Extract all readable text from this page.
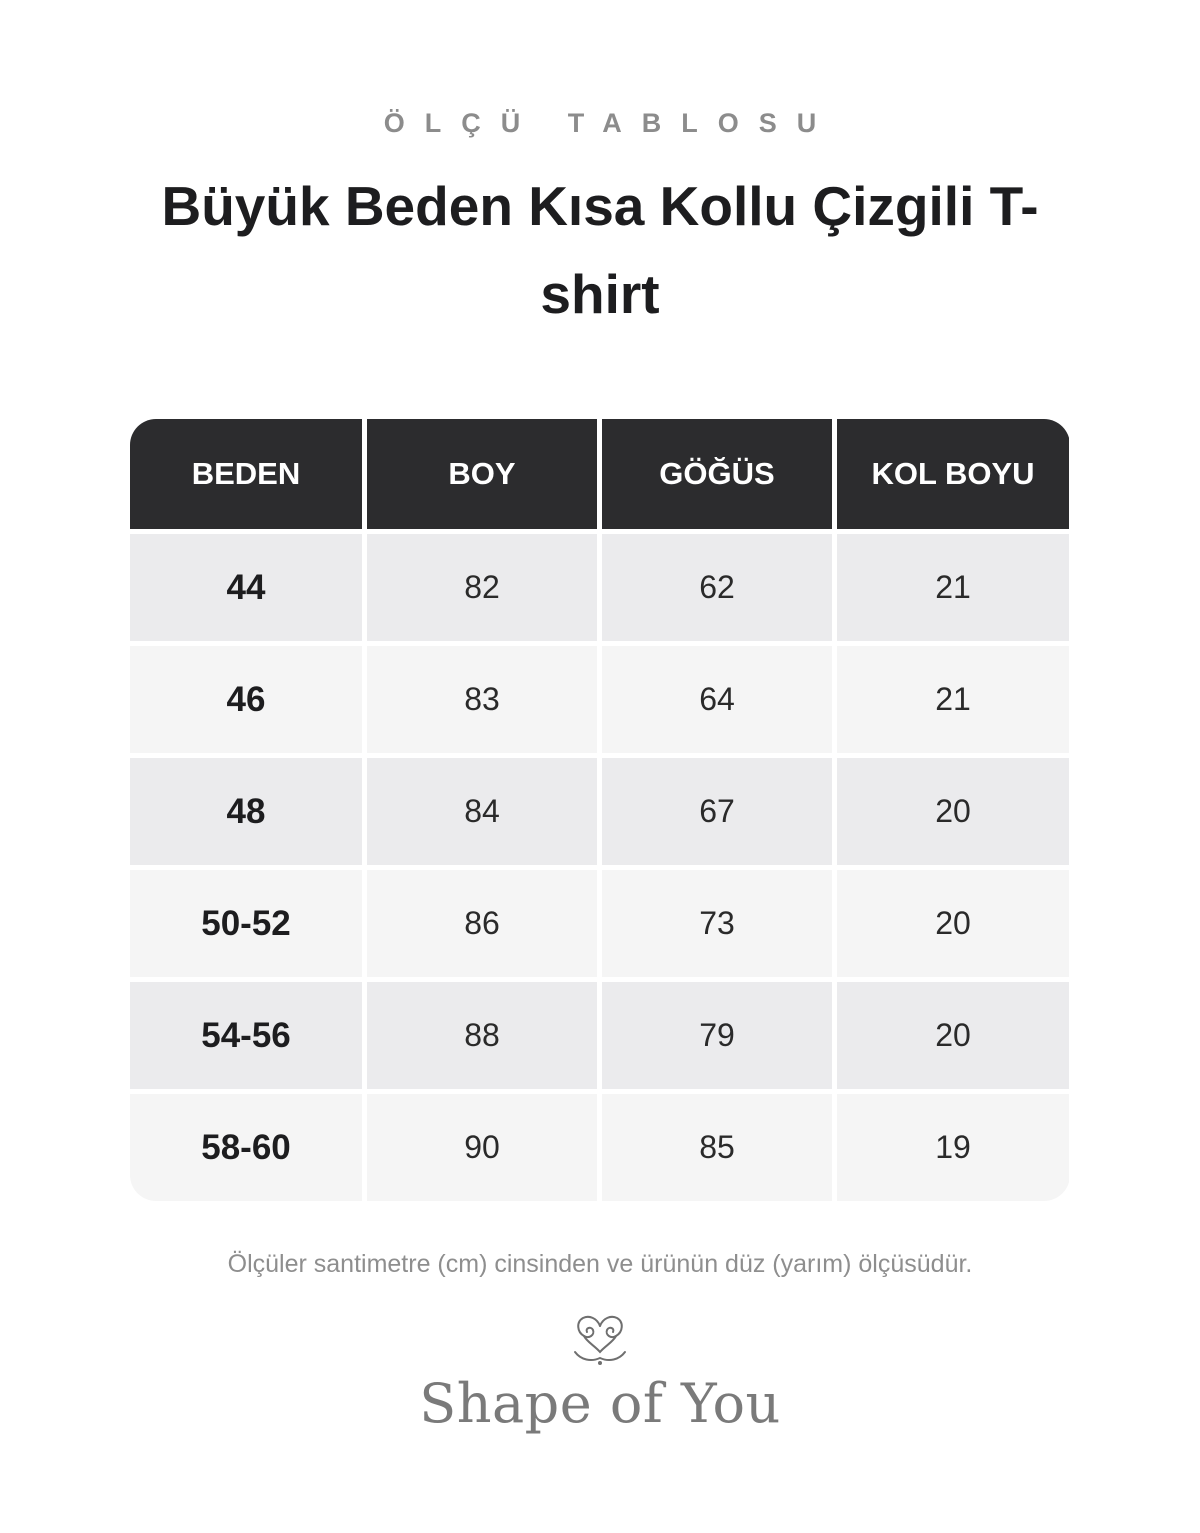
ÖLÇÜ TABLOSU
Büyük Beden Kısa Kollu Çizgili T-shirt
BEDEN	BOY	GÖĞÜS	KOL BOYU
44	82	62	21
46	83	64	21
48	84	67	20
50-52	86	73	20
54-56	88	79	20
58-60	90	85	19
Ölçüler santimetre (cm) cinsinden ve ürünün düz (yarım) ölçüsüdür.
Shape of You
